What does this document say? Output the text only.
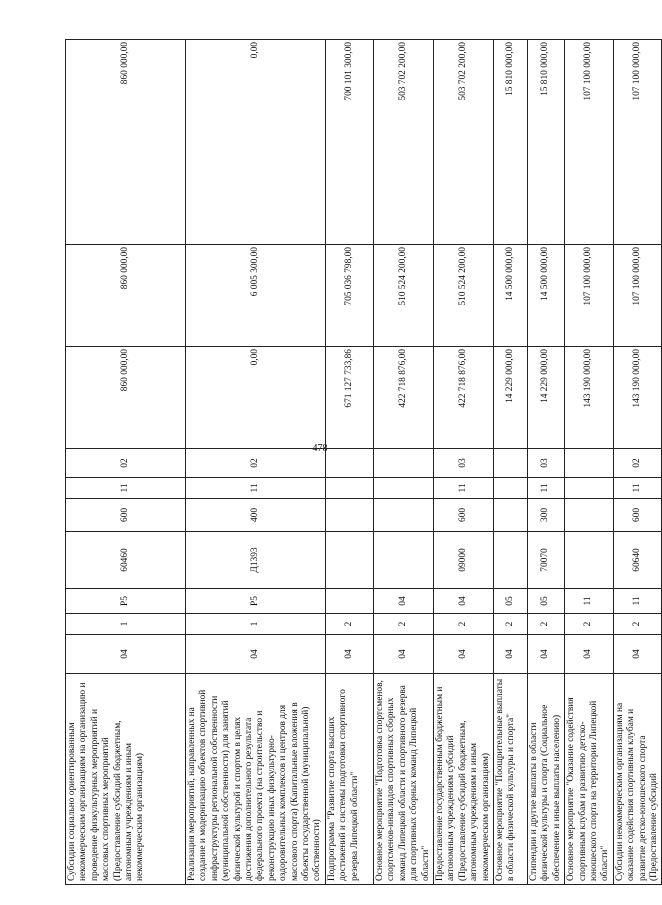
478
Субсидии социально ориентированным некоммерческим организациям на организацию и проведение физкультурных мероприятий и массовых спортивных мероприятий (Предоставление субсидий бюджетным, автономным учреждениям и иным некоммерческим организациям)	04	1	Р5	60460	600	11	02	860 000,00	860 000,00	860 000,00
Реализация мероприятий, направленных на создание и модернизацию объектов спортивной инфраструктуры региональной собственности (муниципальной собственности) для занятий физической культурой и спортом в целях достижения дополнительного результата федерального проекта (на строительство и реконструкцию иных физкультурно-оздоровительных комплексов и центров для массового спорта) (Капитальные вложения в объекты государственной (муниципальной) собственности)	04	1	Р5	Д1393	400	11	02	0,00	6 005 300,00	0,00
Подпрограмма "Развитие спорта высших достижений и системы подготовки спортивного резерва Липецкой области"	04	2						671 127 733,86	705 036 798,00	700 101 300,00
Основное мероприятие "Подготовка спортсменов, спортсменов-инвалидов спортивных сборных команд Липецкой области и спортивного резерва для спортивных сборных команд Липецкой области"	04	2	04					422 718 876,00	510 524 200,00	503 702 200,00
Предоставление государственным бюджетным и автономным учреждениям субсидий (Предоставление субсидий бюджетным, автономным учреждениям и иным некоммерческим организациям)	04	2	04	09000	600	11	03	422 718 876,00	510 524 200,00	503 702 200,00
Основное мероприятие "Поощрительные выплаты в области физической культуры и спорта"	04	2	05					14 229 000,00	14 500 000,00	15 810 000,00
Стипендии и другие выплаты в области физической культуры и спорта (Социальное обеспечение и иные выплаты населению)	04	2	05	70070	300	11	03	14 229 000,00	14 500 000,00	15 810 000,00
Основное мероприятие "Оказание содействия спортивным клубам и развитию детско-юношеского спорта на территории Липецкой области"	04	2	11					143 190 000,00	107 100 000,00	107 100 000,00
Субсидии некоммерческим организациям на оказание содействия спортивным клубам и развитие детско-юношеского спорта (Предоставление субсидий	04	2	11	60640	600	11	02	143 190 000,00	107 100 000,00	107 100 000,00
